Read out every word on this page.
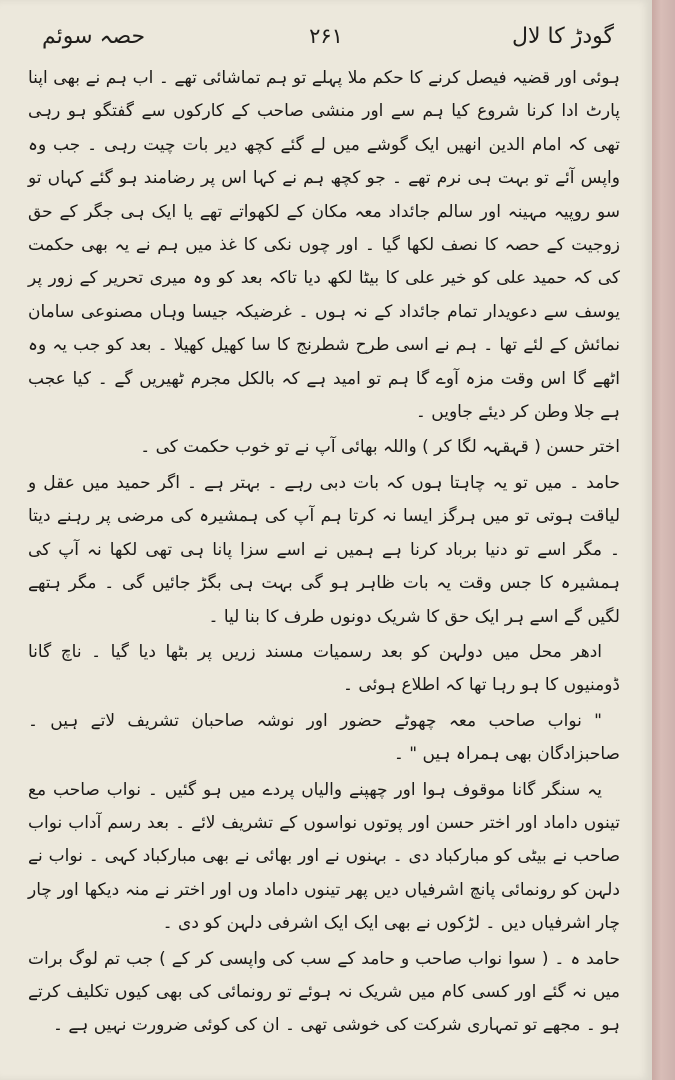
گودڑ کا لال
۲۶۱
حصہ سوئم

ہوئی اور قضیہ فیصل کرنے کا حکم ملا پہلے تو ہم تماشائی تھے ۔ اب ہم نے بھی اپنا پارٹ ادا کرنا شروع کیا ہم سے اور منشی صاحب کے کارکوں سے گفتگو ہو رہی تھی کہ امام الدین انھیں ایک گوشے میں لے گئے کچھ دیر بات چیت رہی ۔ جب وہ واپس آئے تو بہت ہی نرم تھے ۔ جو کچھ ہم نے کہا اس پر رضامند ہو گئے کہاں تو سو روپیہ مہینہ اور سالم جائداد معہ مکان کے لکھواتے تھے یا ایک ہی جگر کے حق زوجیت کے حصہ کا نصف لکھا گیا ۔ اور چوں نکی کا غذ میں ہم نے یہ بھی حکمت کی کہ حمید علی کو خیر علی کا بیٹا لکھ دیا تاکہ بعد کو وہ میری تحریر کے زور پر یوسف سے دعویدار تمام جائداد کے نہ ہوں ۔ غرضیکہ جیسا وہاں مصنوعی سامان نمائش کے لئے تھا ۔ ہم نے اسی طرح شطرنج کا سا کھیل کھیلا ۔ بعد کو جب یہ وہ اٹھے گا اس وقت مزہ آوے گا ہم تو امید ہے کہ بالکل مجرم ٹھیریں گے ۔ کیا عجب ہے جلا وطن کر دیئے جاویں ۔

اختر حسن ( قہقہہ لگا کر ) واللہ بھائی آپ نے تو خوب حکمت کی ۔

حامد ۔ میں تو یہ چاہتا ہوں کہ بات دبی رہے ۔ بہتر ہے ۔ اگر حمید میں عقل و لیاقت ہوتی تو میں ہرگز ایسا نہ کرتا ہم آپ کی ہمشیرہ کی مرضی پر رہنے دیتا ۔ مگر اسے تو دنیا برباد کرنا ہے ہمیں نے اسے سزا پانا ہی تھی لکھا نہ آپ کی ہمشیرہ کا جس وقت یہ بات ظاہر ہو گی بہت ہی بگڑ جائیں گی ۔ مگر ہتھے لگیں گے اسے ہر ایک حق کا شریک دونوں طرف کا بنا لیا ۔

ادھر محل میں دولہن کو بعد رسمیات مسند زریں پر بٹھا دیا گیا ۔ ناچ گانا ڈومنیوں کا ہو رہا تھا کہ اطلاع ہوئی ۔

" نواب صاحب معہ چھوٹے حضور اور نوشہ صاحبان تشریف لاتے ہیں ۔ صاحبزادگان بھی ہمراہ ہیں " ۔

یہ سنگر گانا موقوف ہوا اور چھپنے والیاں پردے میں ہو گئیں ۔ نواب صاحب مع تینوں داماد اور اختر حسن اور پوتوں نواسوں کے تشریف لائے ۔ بعد رسم آداب نواب صاحب نے بیٹی کو مبارکباد دی ۔ بہنوں نے اور بھائی نے بھی مبارکباد کہی ۔ نواب نے دلہن کو رونمائی پانچ اشرفیاں دیں پھر تینوں داماد وں اور اختر نے منہ دیکھا اور چار چار اشرفیاں دیں ۔ لڑکوں نے بھی ایک ایک اشرفی دلہن کو دی ۔

حامد ہ ۔ ( سوا نواب صاحب و حامد کے سب کی واپسی کر کے ) جب تم لوگ برات میں نہ گئے اور کسی کام میں شریک نہ ہوئے تو رونمائی کی بھی کیوں تکلیف کرتے ہو ۔ مجھے تو تمہاری شرکت کی خوشی تھی ۔ ان کی کوئی ضرورت نہیں ہے ۔
